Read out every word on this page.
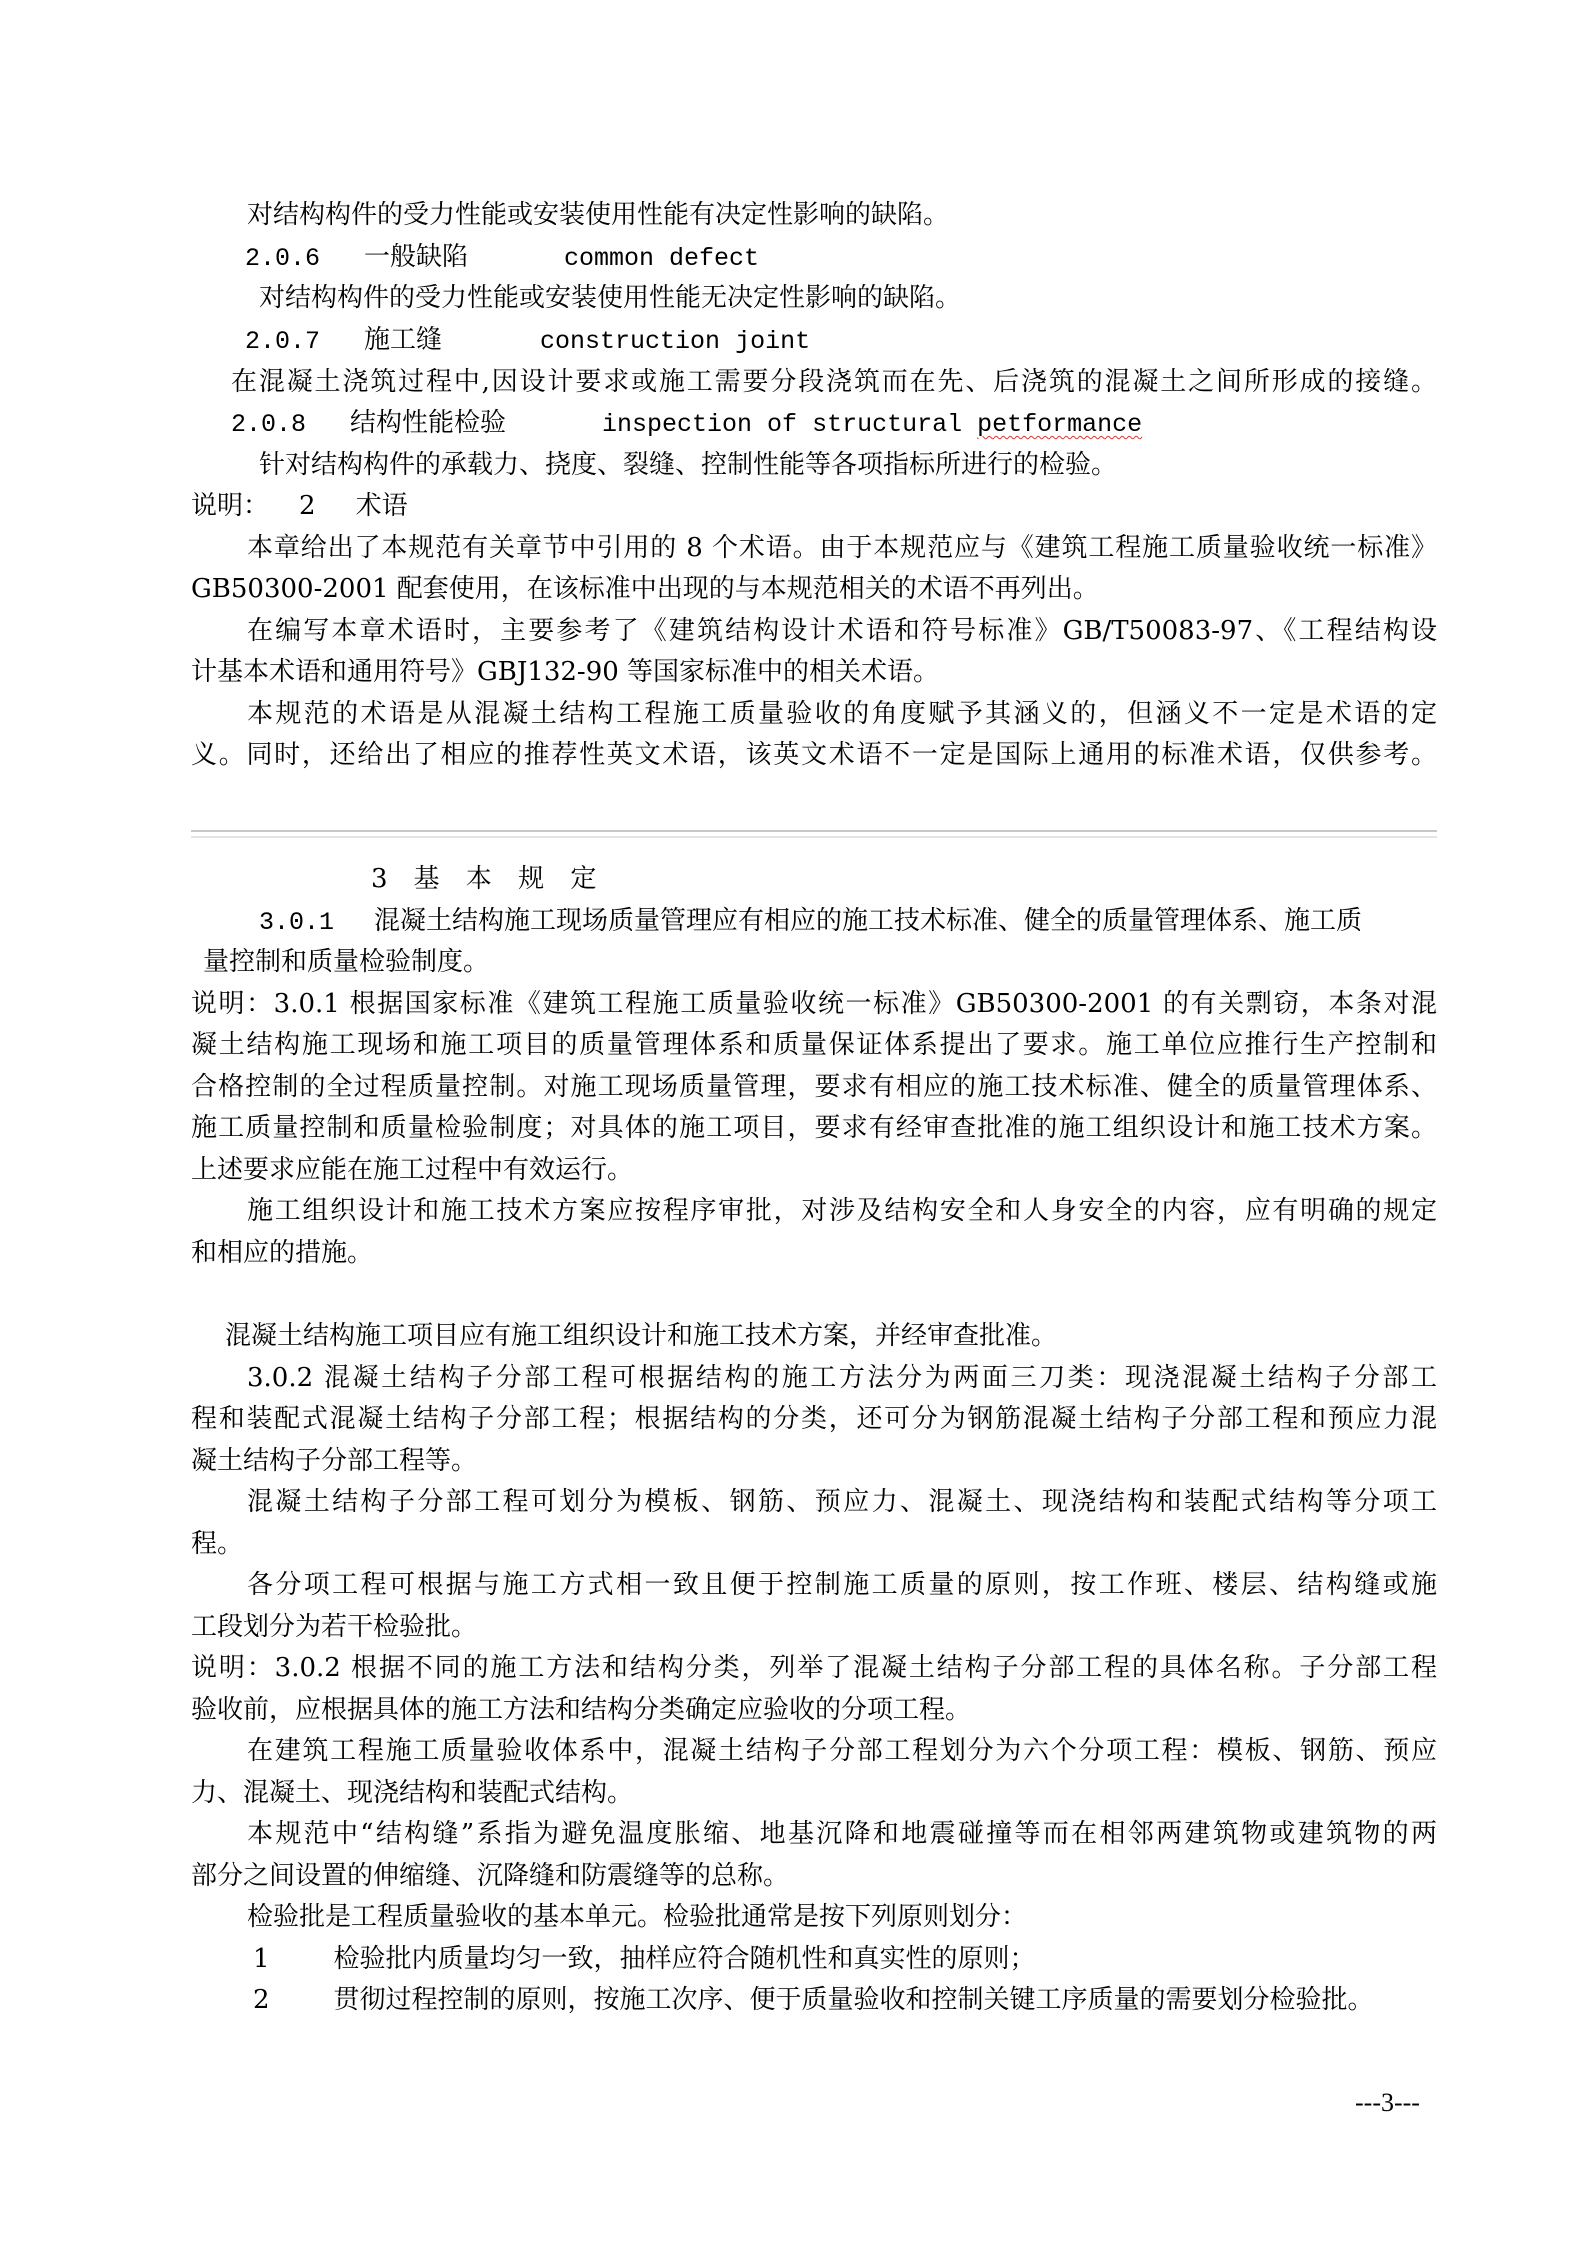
对结构构件的受力性能或安装使用性能有决定性影响的缺陷。
2.0.6 一般缺陷	common defect
对结构构件的受力性能或安装使用性能无决定性影响的缺陷。
2.0.7 施工缝	construction joint
在混凝土浇筑过程中,因设计要求或施工需要分段浇筑而在先、后浇筑的混凝土之间所形成的接缝。
2.0.8 结构性能检验	inspection of structural petformance
针对结构构件的承载力、挠度、裂缝、控制性能等各项指标所进行的检验。
说明： 2 术语
本章给出了本规范有关章节中引用的 8 个术语。由于本规范应与《建筑工程施工质量验收统一标准》
GB50300-2001 配套使用，在该标准中出现的与本规范相关的术语不再列出。
在编写本章术语时，主要参考了《建筑结构设计术语和符号标准》GB/T50083-97、《工程结构设
计基本术语和通用符号》GBJ132-90 等国家标准中的相关术语。
本规范的术语是从混凝土结构工程施工质量验收的角度赋予其涵义的，但涵义不一定是术语的定
义。同时，还给出了相应的推荐性英文术语，该英文术语不一定是国际上通用的标准术语，仅供参考。
3 基 本 规 定
3.0.1 混凝土结构施工现场质量管理应有相应的施工技术标准、健全的质量管理体系、施工质
量控制和质量检验制度。
说明：3.0.1 根据国家标准《建筑工程施工质量验收统一标准》GB50300-2001 的有关剽窃，本条对混
凝土结构施工现场和施工项目的质量管理体系和质量保证体系提出了要求。施工单位应推行生产控制和
合格控制的全过程质量控制。对施工现场质量管理，要求有相应的施工技术标准、健全的质量管理体系、
施工质量控制和质量检验制度；对具体的施工项目，要求有经审查批准的施工组织设计和施工技术方案。
上述要求应能在施工过程中有效运行。
施工组织设计和施工技术方案应按程序审批，对涉及结构安全和人身安全的内容，应有明确的规定
和相应的措施。
混凝土结构施工项目应有施工组织设计和施工技术方案，并经审查批准。
3.0.2 混凝土结构子分部工程可根据结构的施工方法分为两面三刀类：现浇混凝土结构子分部工
程和装配式混凝土结构子分部工程；根据结构的分类，还可分为钢筋混凝土结构子分部工程和预应力混
凝土结构子分部工程等。
混凝土结构子分部工程可划分为模板、钢筋、预应力、混凝土、现浇结构和装配式结构等分项工
程。
各分项工程可根据与施工方式相一致且便于控制施工质量的原则，按工作班、楼层、结构缝或施
工段划分为若干检验批。
说明：3.0.2 根据不同的施工方法和结构分类，列举了混凝土结构子分部工程的具体名称。子分部工程
验收前，应根据具体的施工方法和结构分类确定应验收的分项工程。
在建筑工程施工质量验收体系中，混凝土结构子分部工程划分为六个分项工程：模板、钢筋、预应
力、混凝土、现浇结构和装配式结构。
本规范中“结构缝”系指为避免温度胀缩、地基沉降和地震碰撞等而在相邻两建筑物或建筑物的两
部分之间设置的伸缩缝、沉降缝和防震缝等的总称。
检验批是工程质量验收的基本单元。检验批通常是按下列原则划分：
1 检验批内质量均匀一致，抽样应符合随机性和真实性的原则；
2 贯彻过程控制的原则，按施工次序、便于质量验收和控制关键工序质量的需要划分检验批。
---3---
